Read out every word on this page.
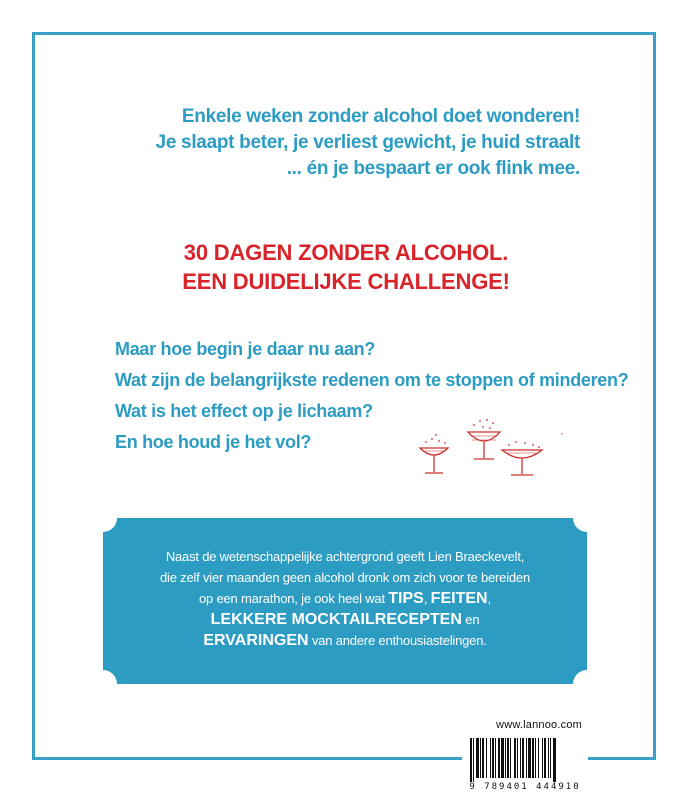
Enkele weken zonder alcohol doet wonderen!
Je slaapt beter, je verliest gewicht, je huid straalt
... én je bespaart er ook flink mee.
30 DAGEN ZONDER ALCOHOL.
EEN DUIDELIJKE CHALLENGE!
Maar hoe begin je daar nu aan?
Wat zijn de belangrijkste redenen om te stoppen of minderen?
Wat is het effect op je lichaam?
En hoe houd je het vol?
Naast de wetenschappelijke achtergrond geeft Lien Braeckevelt,
die zelf vier maanden geen alcohol dronk om zich voor te bereiden
op een marathon, je ook heel wat TIPS, FEITEN,
LEKKERE MOCKTAILRECEPTEN en
ERVARINGEN van andere enthousiastelingen.
www.lannoo.com
9 789401 444910
